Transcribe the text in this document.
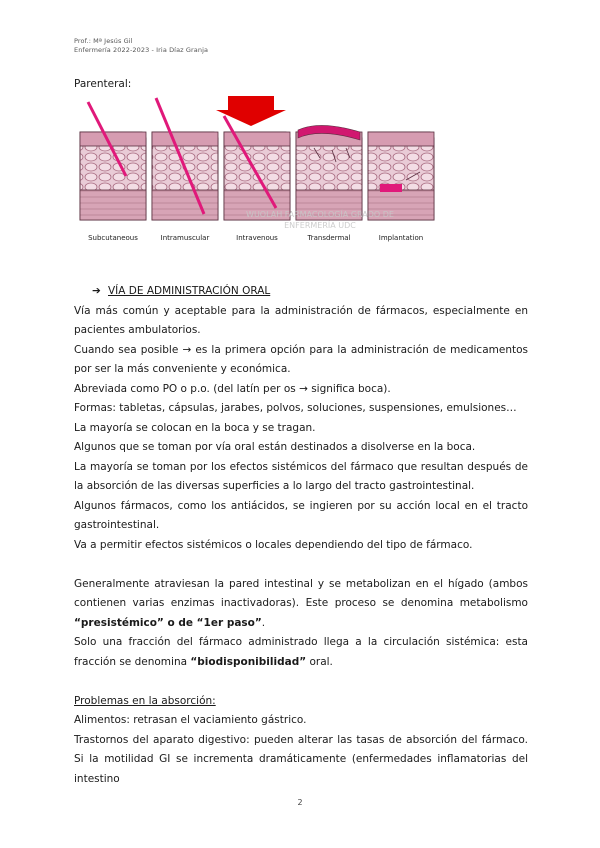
Prof.: Mª Jesús Gil
Enfermería 2022-2023 - Iria Díaz Granja
Parenteral:
Subcutaneous	Intramuscular	Intravenous	Transdermal	Implantation
WUOLAH FARMACOLOGÍA GRADO DE
ENFERMERÍA UDC

➔ VÍA DE ADMINISTRACIÓN ORAL

Vía más común y aceptable para la administración de fármacos, especialmente en pacientes ambulatorios.

Cuando sea posible → es la primera opción para la administración de medicamentos por ser la más conveniente y económica.

Abreviada como PO o p.o. (del latín per os → significa boca).

Formas: tabletas, cápsulas, jarabes, polvos, soluciones, suspensiones, emulsiones…

La mayoría se colocan en la boca y se tragan.

Algunos que se toman por vía oral están destinados a disolverse en la boca.

La mayoría se toman por los efectos sistémicos del fármaco que resultan después de la absorción de las diversas superficies a lo largo del tracto gastrointestinal.

Algunos fármacos, como los antiácidos, se ingieren por su acción local en el tracto gastrointestinal.

Va a permitir efectos sistémicos o locales dependiendo del tipo de fármaco.

Generalmente atraviesan la pared intestinal y se metabolizan en el hígado (ambos contienen varias enzimas inactivadoras). Este proceso se denomina metabolismo “presistémico” o de “1er paso”.

Solo una fracción del fármaco administrado llega a la circulación sistémica: esta fracción se denomina “biodisponibilidad” oral.

Problemas en la absorción:

Alimentos: retrasan el vaciamiento gástrico.

Trastornos del aparato digestivo: pueden alterar las tasas de absorción del fármaco. Si la motilidad GI se incrementa dramáticamente (enfermedades inflamatorias del intestino

2
